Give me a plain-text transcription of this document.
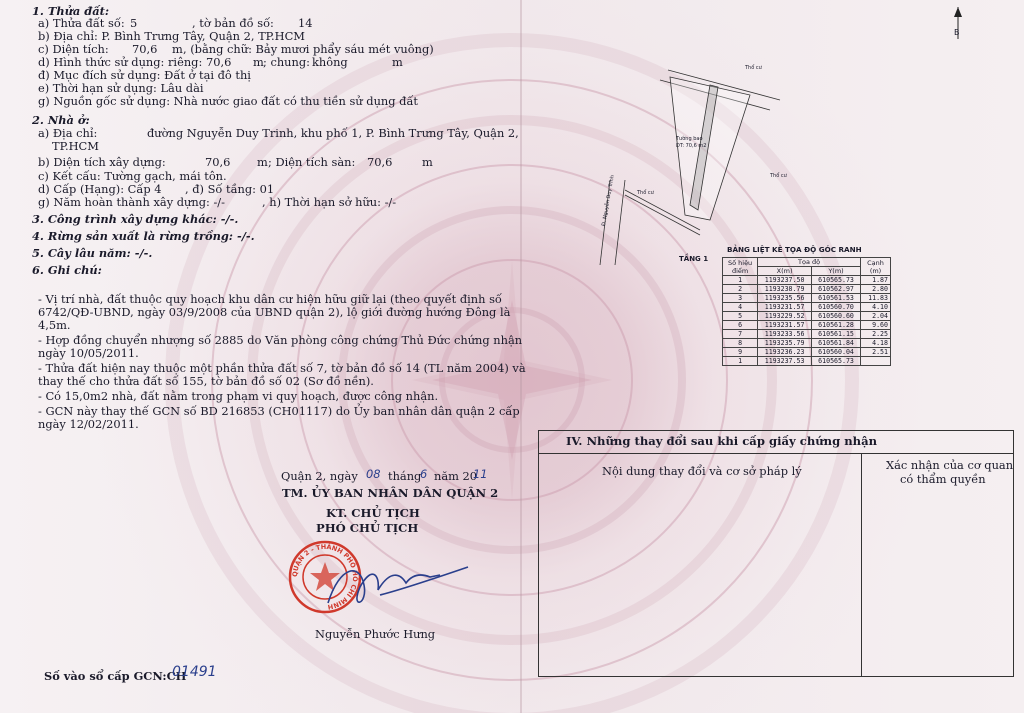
1. Thửa đất:
a) Thửa đất số: 5	, tờ bản đồ số: 14
b) Địa chỉ: P. Bình Trưng Tây, Quận 2, TP.HCM
c) Diện tích: 70,6 m , (bằng chữ: Bảy mươi phẩy sáu mét vuông)
d) Hình thức sử dụng: riêng: 70,6 m ; chung: không	m
đ) Mục đích sử dụng: Đất ở tại đô thị
e) Thời hạn sử dụng: Lâu dài
g) Nguồn gốc sử dụng: Nhà nước giao đất có thu tiền sử dụng đất
2. Nhà ở:
a) Địa chỉ:	đường Nguyễn Duy Trinh, khu phố 1, P. Bình Trưng Tây, Quận 2,
TP.HCM
b) Diện tích xây dựng:	70,6 m ; Diện tích sàn: 70,6	m
c) Kết cấu: Tường gạch, mái tôn.
d) Cấp (Hạng): Cấp 4 , đ) Số tầng: 01
g) Năm hoàn thành xây dựng: -/-	, h) Thời hạn sở hữu: -/-
3. Công trình xây dựng khác: -/-.
4. Rừng sản xuất là rừng trồng: -/-.
5. Cây lâu năm: -/-.
6. Ghi chú:
- Vị trí nhà, đất thuộc quy hoạch khu dân cư hiện hữu giữ lại (theo quyết định số
6742/QĐ-UBND, ngày 03/9/2008 của UBND quận 2), lộ giới đường hướng Đông là
4,5m.
- Hợp đồng chuyển nhượng số 2885 do Văn phòng công chứng Thủ Đức chứng nhận
ngày 10/05/2011.
- Thửa đất hiện nay thuộc một phần thửa đất số 7, tờ bản đồ số 14 (TL năm 2004) và
thay thế cho thửa đất số 155, tờ bản đồ số 02 (Sơ đồ nền).
- Có 15,0m2 nhà, đất nằm trong phạm vi quy hoạch, được công nhận.
- GCN này thay thế GCN số BD 216853 (CH01117) do Ủy ban nhân dân quận 2 cấp
ngày 12/02/2011.
Quận 2, ngày 08 tháng
6 năm 20
11
TM. ỦY BAN NHÂN DÂN QUẬN 2
KT. CHỦ TỊCH
PHÓ CHỦ TỊCH
QUẬN 2 - THÀNH PHỐ HỒ CHÍ MINH
Nguyễn Phước Hưng
Số vào sổ cấp GCN:CH
01491
B
Thổ cư
Thổ cư
Thổ cư
Tường bao
DT: 70,6 m2
Đ. Nguyễn Duy Trinh
TẦNG 1
BẢNG LIỆT KÊ TỌA ĐỘ GÓC RANH
Số hiệu
điểm	Tọa độ		Cạnh
(m)
	X(m)	Y(m)	
1	1193237.50	610565.73	1.87
2	1193238.79	610562.97	2.80
3	1193235.56	610561.53	11.83
4	1193231.57	610560.70	4.10
5	1193229.52	610560.60	2.04
6	1193231.57	610561.28	9.60
7	1193233.56	610561.15	2.25
8	1193235.79	610561.84	4.18
9	1193236.23	610560.04	2.51
1	1193237.53	610565.73	
IV. Những thay đổi sau khi cấp giấy chứng nhận
Nội dung thay đổi và cơ sở pháp lý	Xác nhận của cơ quan
có thẩm quyền
